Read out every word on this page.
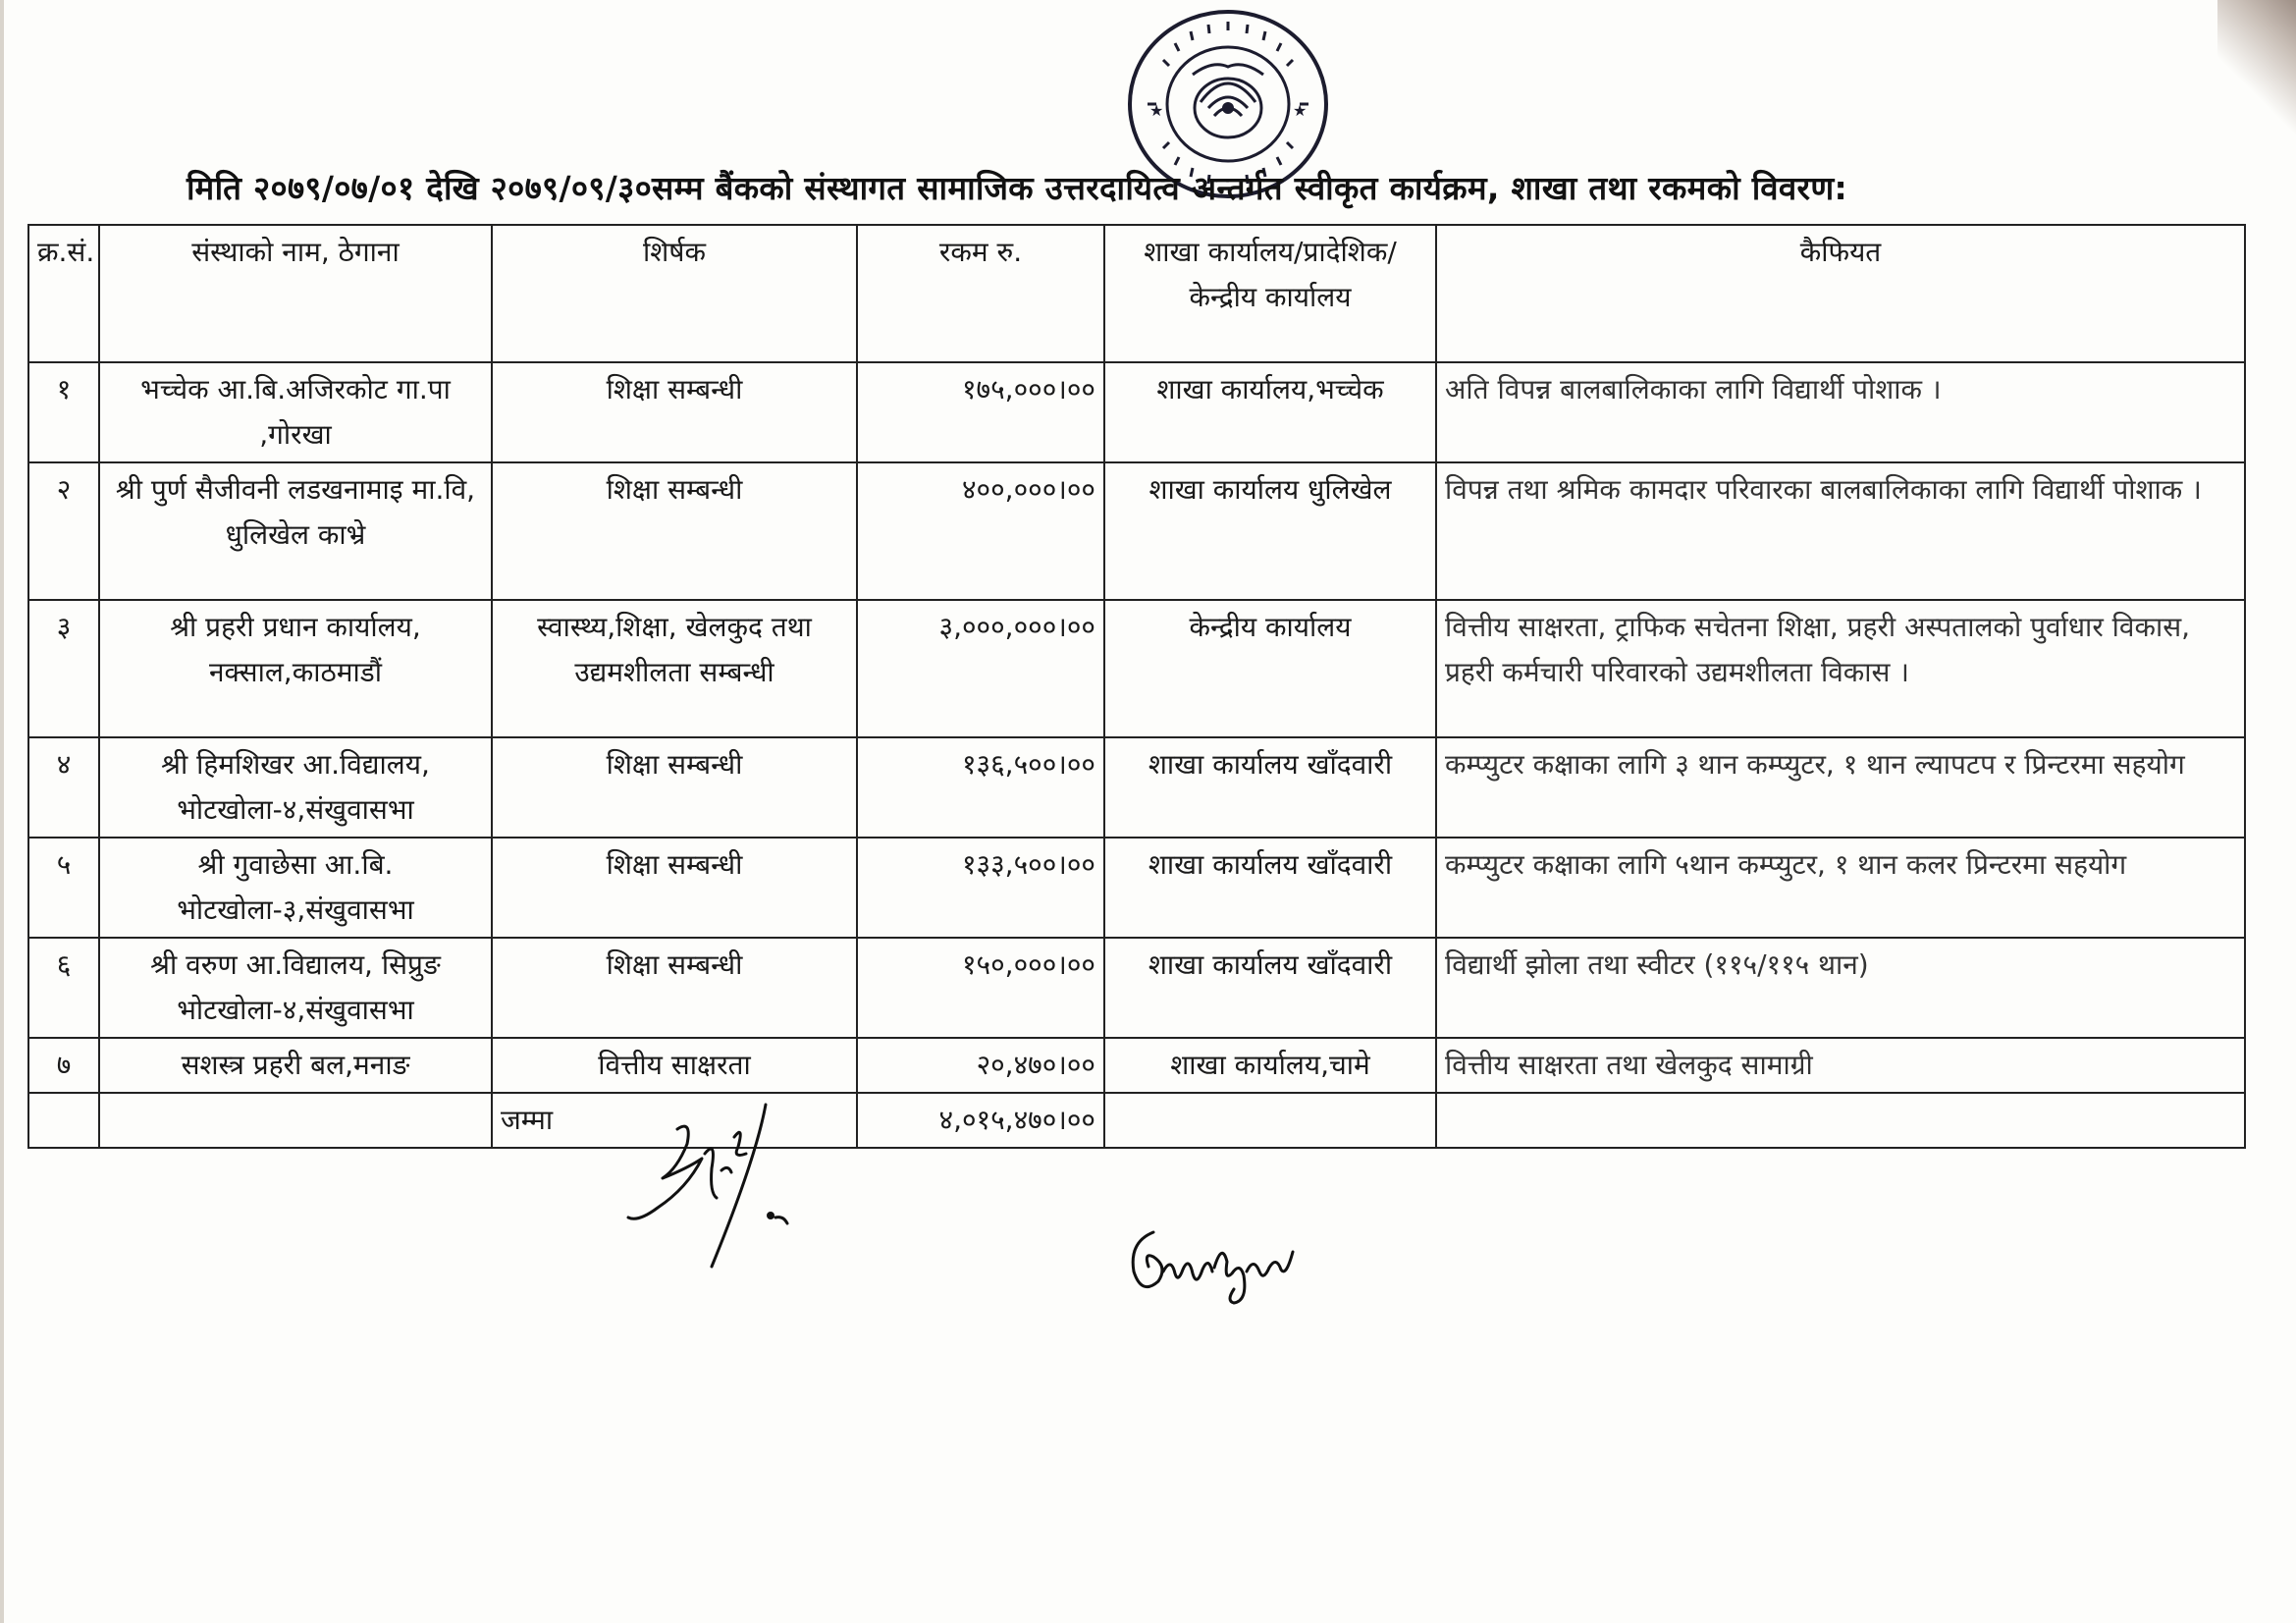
★	★
मिति २०७९/०७/०१ देखि २०७९/०९/३०सम्म बैंकको संस्थागत सामाजिक उत्तरदायित्व अन्तर्गत स्वीकृत कार्यक्रम, शाखा तथा रकमको विवरण:
क्र.सं.	संस्थाको नाम, ठेगाना	शिर्षक	रकम रु.	शाखा कार्यालय/प्रादेशिक/ केन्द्रीय कार्यालय	कैफियत
१	भच्चेक आ.बि.अजिरकोट गा.पा ,गोरखा	शिक्षा सम्बन्धी	१७५,०००।००	शाखा कार्यालय,भच्चेक	अति विपन्न बालबालिकाका लागि विद्यार्थी पोशाक ।
२	श्री पुर्ण सैजीवनी लडखनामाइ मा.वि, धुलिखेल काभ्रे	शिक्षा सम्बन्धी	४००,०००।००	शाखा कार्यालय धुलिखेल	विपन्न तथा श्रमिक कामदार परिवारका बालबालिकाका लागि विद्यार्थी पोशाक ।
३	श्री प्रहरी प्रधान कार्यालय, नक्साल,काठमाडौं	स्वास्थ्य,शिक्षा, खेलकुद तथा उद्यमशीलता सम्बन्धी	३,०००,०००।००	केन्द्रीय कार्यालय	वित्तीय साक्षरता, ट्राफिक सचेतना शिक्षा, प्रहरी अस्पतालको पुर्वाधार विकास, प्रहरी कर्मचारी परिवारको उद्यमशीलता विकास ।
४	श्री हिमशिखर आ.विद्यालय, भोटखोला-४,संखुवासभा	शिक्षा सम्बन्धी	१३६,५००।००	शाखा कार्यालय खाँदवारी	कम्प्युटर कक्षाका लागि ३ थान कम्प्युटर, १ थान ल्यापटप र प्रिन्टरमा सहयोग
५	श्री गुवाछेसा आ.बि. भोटखोला-३,संखुवासभा	शिक्षा सम्बन्धी	१३३,५००।००	शाखा कार्यालय खाँदवारी	कम्प्युटर कक्षाका लागि ५थान कम्प्युटर, १ थान कलर प्रिन्टरमा सहयोग
६	श्री वरुण आ.विद्यालय, सिप्रुङ भोटखोला-४,संखुवासभा	शिक्षा सम्बन्धी	१५०,०००।००	शाखा कार्यालय खाँदवारी	विद्यार्थी झोला तथा स्वीटर (११५/११५ थान)
७	सशस्त्र प्रहरी बल,मनाङ	वित्तीय साक्षरता	२०,४७०।००	शाखा कार्यालय,चामे	वित्तीय साक्षरता तथा खेलकुद सामाग्री
		जम्मा	४,०१५,४७०।००		
